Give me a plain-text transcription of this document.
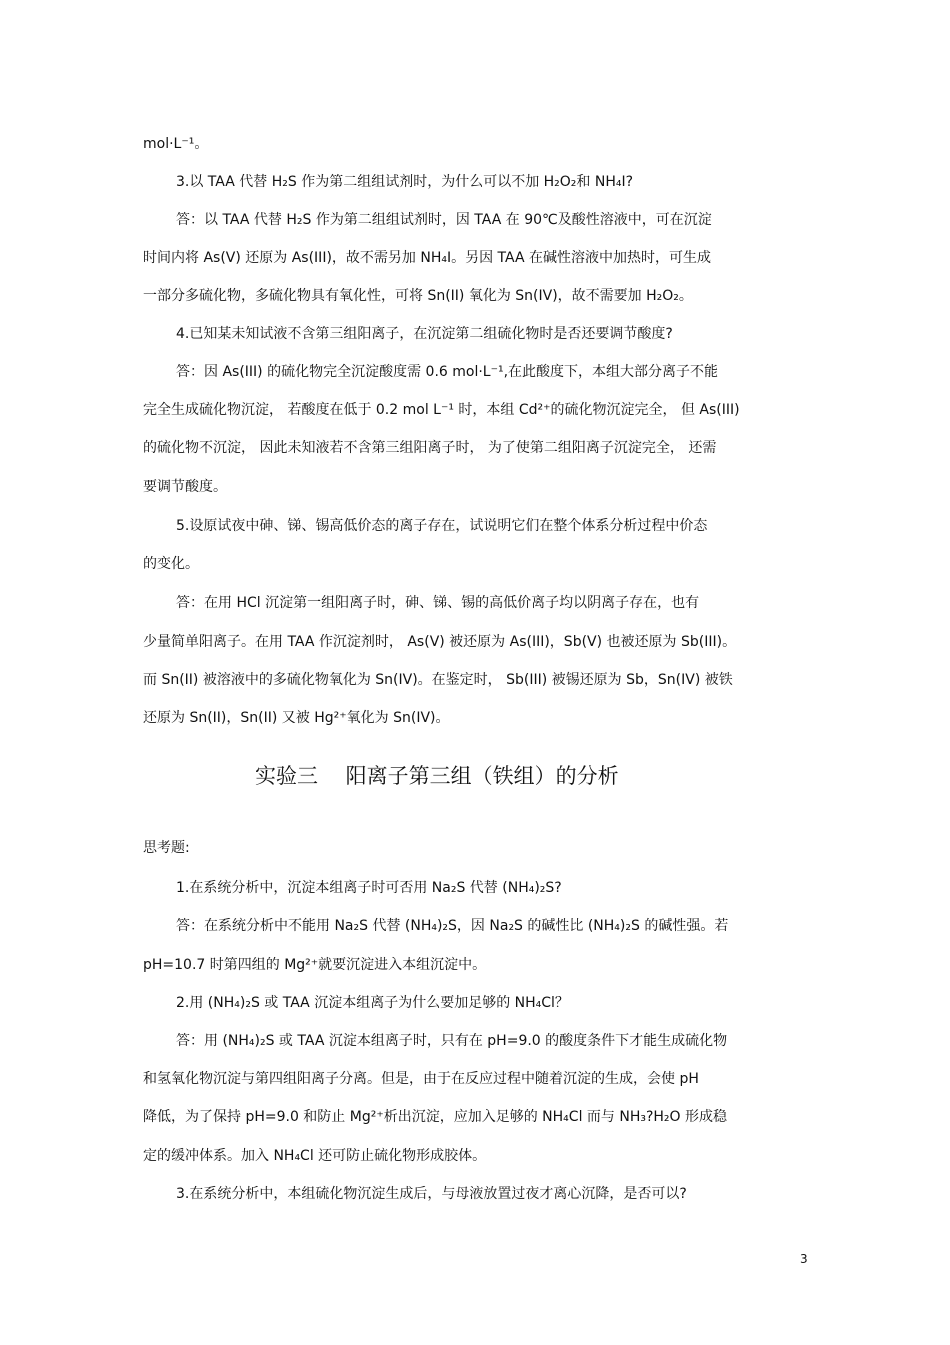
mol·L⁻¹。
3.以 TAA 代替 H₂S 作为第二组组试剂时，为什么可以不加 H₂O₂和 NH₄I?
答：以 TAA 代替 H₂S 作为第二组组试剂时，因 TAA 在 90℃及酸性溶液中，可在沉淀
时间内将 As(V) 还原为 As(III)，故不需另加 NH₄I。另因 TAA 在碱性溶液中加热时，可生成
一部分多硫化物，多硫化物具有氧化性，可将 Sn(II) 氧化为 Sn(IV)，故不需要加 H₂O₂。
4.已知某未知试液不含第三组阳离子，在沉淀第二组硫化物时是否还要调节酸度?
答：因 As(III) 的硫化物完全沉淀酸度需 0.6 mol·L⁻¹,在此酸度下，本组大部分离子不能
完全生成硫化物沉淀， 若酸度在低于 0.2 mol L⁻¹ 时，本组 Cd²⁺的硫化物沉淀完全， 但 As(III)
的硫化物不沉淀， 因此未知液若不含第三组阳离子时， 为了使第二组阳离子沉淀完全， 还需
要调节酸度。
5.设原试夜中砷、锑、锡高低价态的离子存在，试说明它们在整个体系分析过程中价态
的变化。
答：在用 HCl 沉淀第一组阳离子时，砷、锑、锡的高低价离子均以阴离子存在，也有
少量简单阳离子。在用 TAA 作沉淀剂时， As(V) 被还原为 As(III)，Sb(V) 也被还原为 Sb(III)。
而 Sn(II) 被溶液中的多硫化物氧化为 Sn(IV)。在鉴定时， Sb(III) 被锡还原为 Sb，Sn(IV) 被铁
还原为 Sn(II)，Sn(II) 又被 Hg²⁺氧化为 Sn(IV)。
实验三　 阳离子第三组（铁组）的分析
思考题:
1.在系统分析中，沉淀本组离子时可否用 Na₂S 代替 (NH₄)₂S?
答：在系统分析中不能用 Na₂S 代替 (NH₄)₂S，因 Na₂S 的碱性比 (NH₄)₂S 的碱性强。若
pH=10.7 时第四组的 Mg²⁺就要沉淀进入本组沉淀中。
2.用 (NH₄)₂S 或 TAA 沉淀本组离子为什么要加足够的 NH₄Cl？
答：用 (NH₄)₂S 或 TAA 沉淀本组离子时，只有在 pH=9.0 的酸度条件下才能生成硫化物
和氢氧化物沉淀与第四组阳离子分离。但是，由于在反应过程中随着沉淀的生成，会使 pH
降低，为了保持 pH=9.0 和防止 Mg²⁺析出沉淀，应加入足够的 NH₄Cl 而与 NH₃?H₂O 形成稳
定的缓冲体系。加入 NH₄Cl 还可防止硫化物形成胶体。
3.在系统分析中，本组硫化物沉淀生成后，与母液放置过夜才离心沉降，是否可以?
3
